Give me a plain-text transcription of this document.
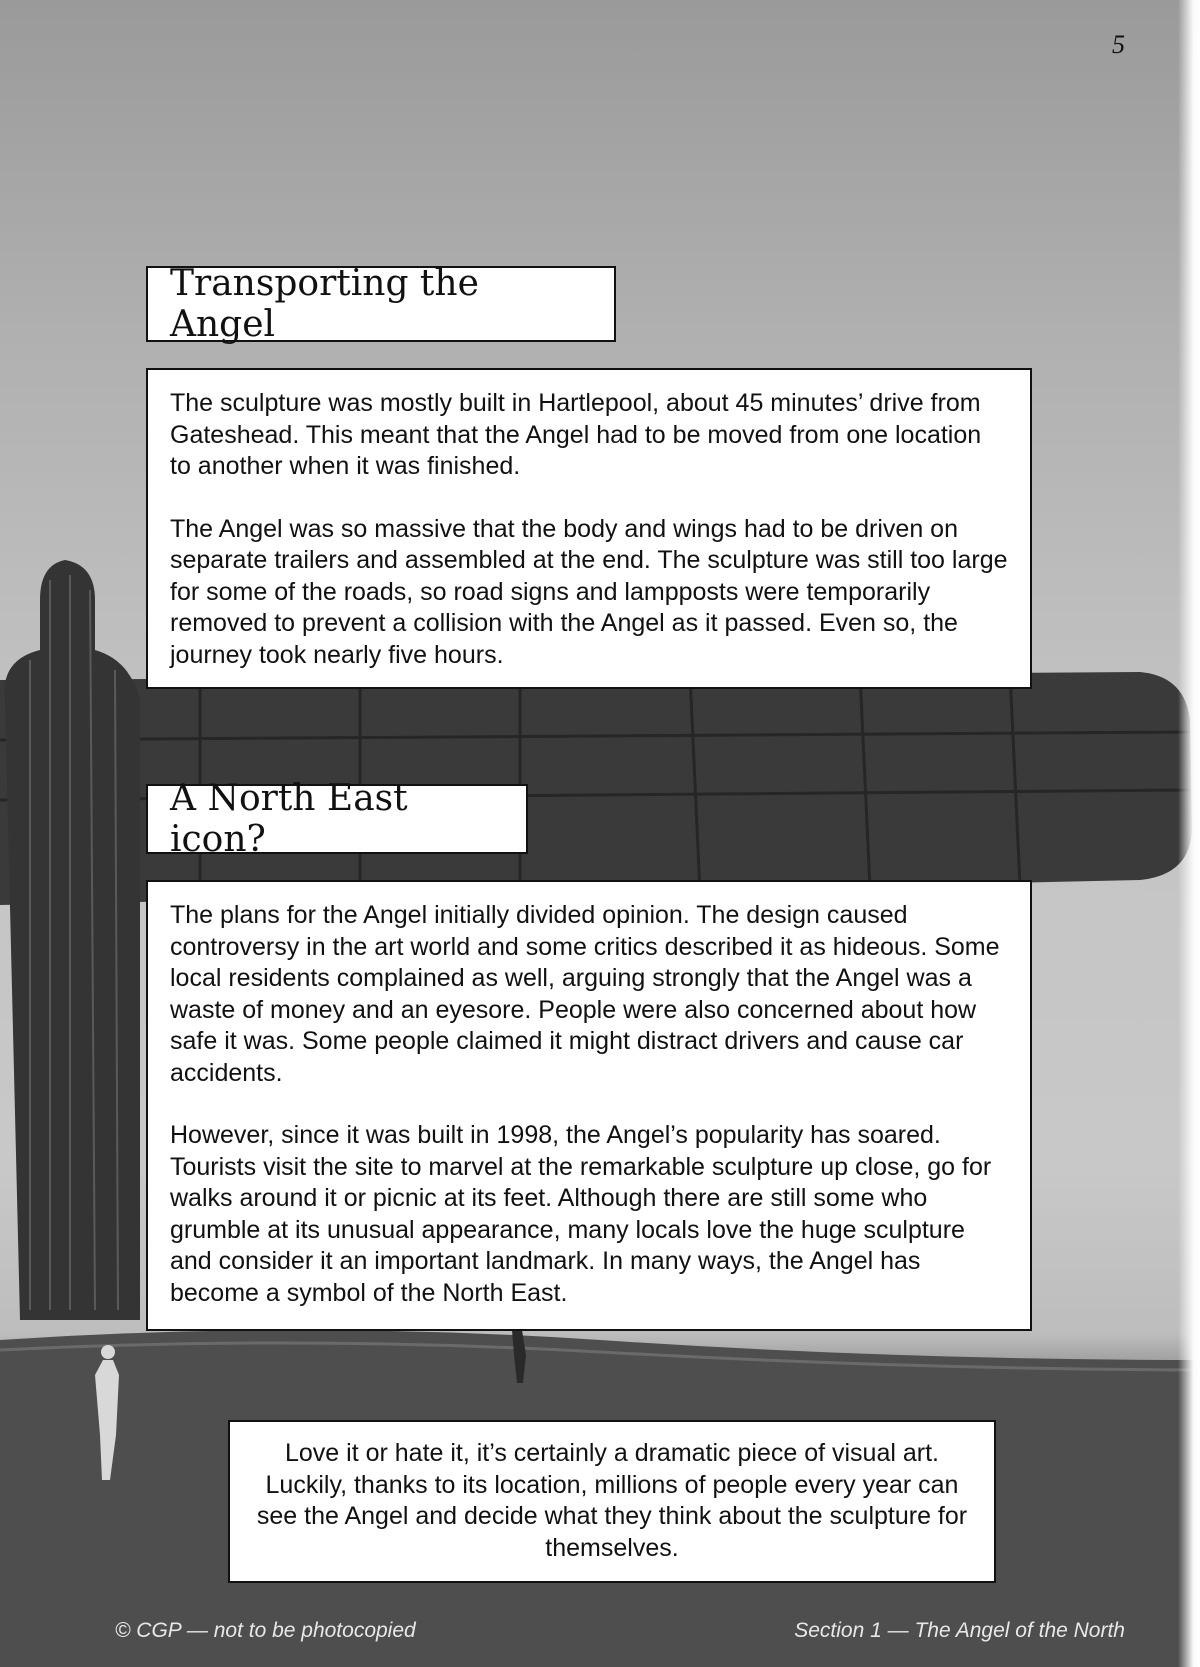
5
Transporting the Angel

The sculpture was mostly built in Hartlepool, about 45 minutes’ drive from Gateshead. This meant that the Angel had to be moved from one location to another when it was finished.

The Angel was so massive that the body and wings had to be driven on separate trailers and assembled at the end. The sculpture was still too large for some of the roads, so road signs and lampposts were temporarily removed to prevent a collision with the Angel as it passed. Even so, the journey took nearly five hours.

A North East icon?

The plans for the Angel initially divided opinion. The design caused controversy in the art world and some critics described it as hideous. Some local residents complained as well, arguing strongly that the Angel was a waste of money and an eyesore. People were also concerned about how safe it was. Some people claimed it might distract drivers and cause car accidents.

However, since it was built in 1998, the Angel’s popularity has soared. Tourists visit the site to marvel at the remarkable sculpture up close, go for walks around it or picnic at its feet. Although there are still some who grumble at its unusual appearance, many locals love the huge sculpture and consider it an important landmark. In many ways, the Angel has become a symbol of the North East.

Love it or hate it, it’s certainly a dramatic piece of visual art. Luckily, thanks to its location, millions of people every year can see the Angel and decide what they think about the sculpture for themselves.

© CGP — not to be photocopied	Section 1 — The Angel of the North
